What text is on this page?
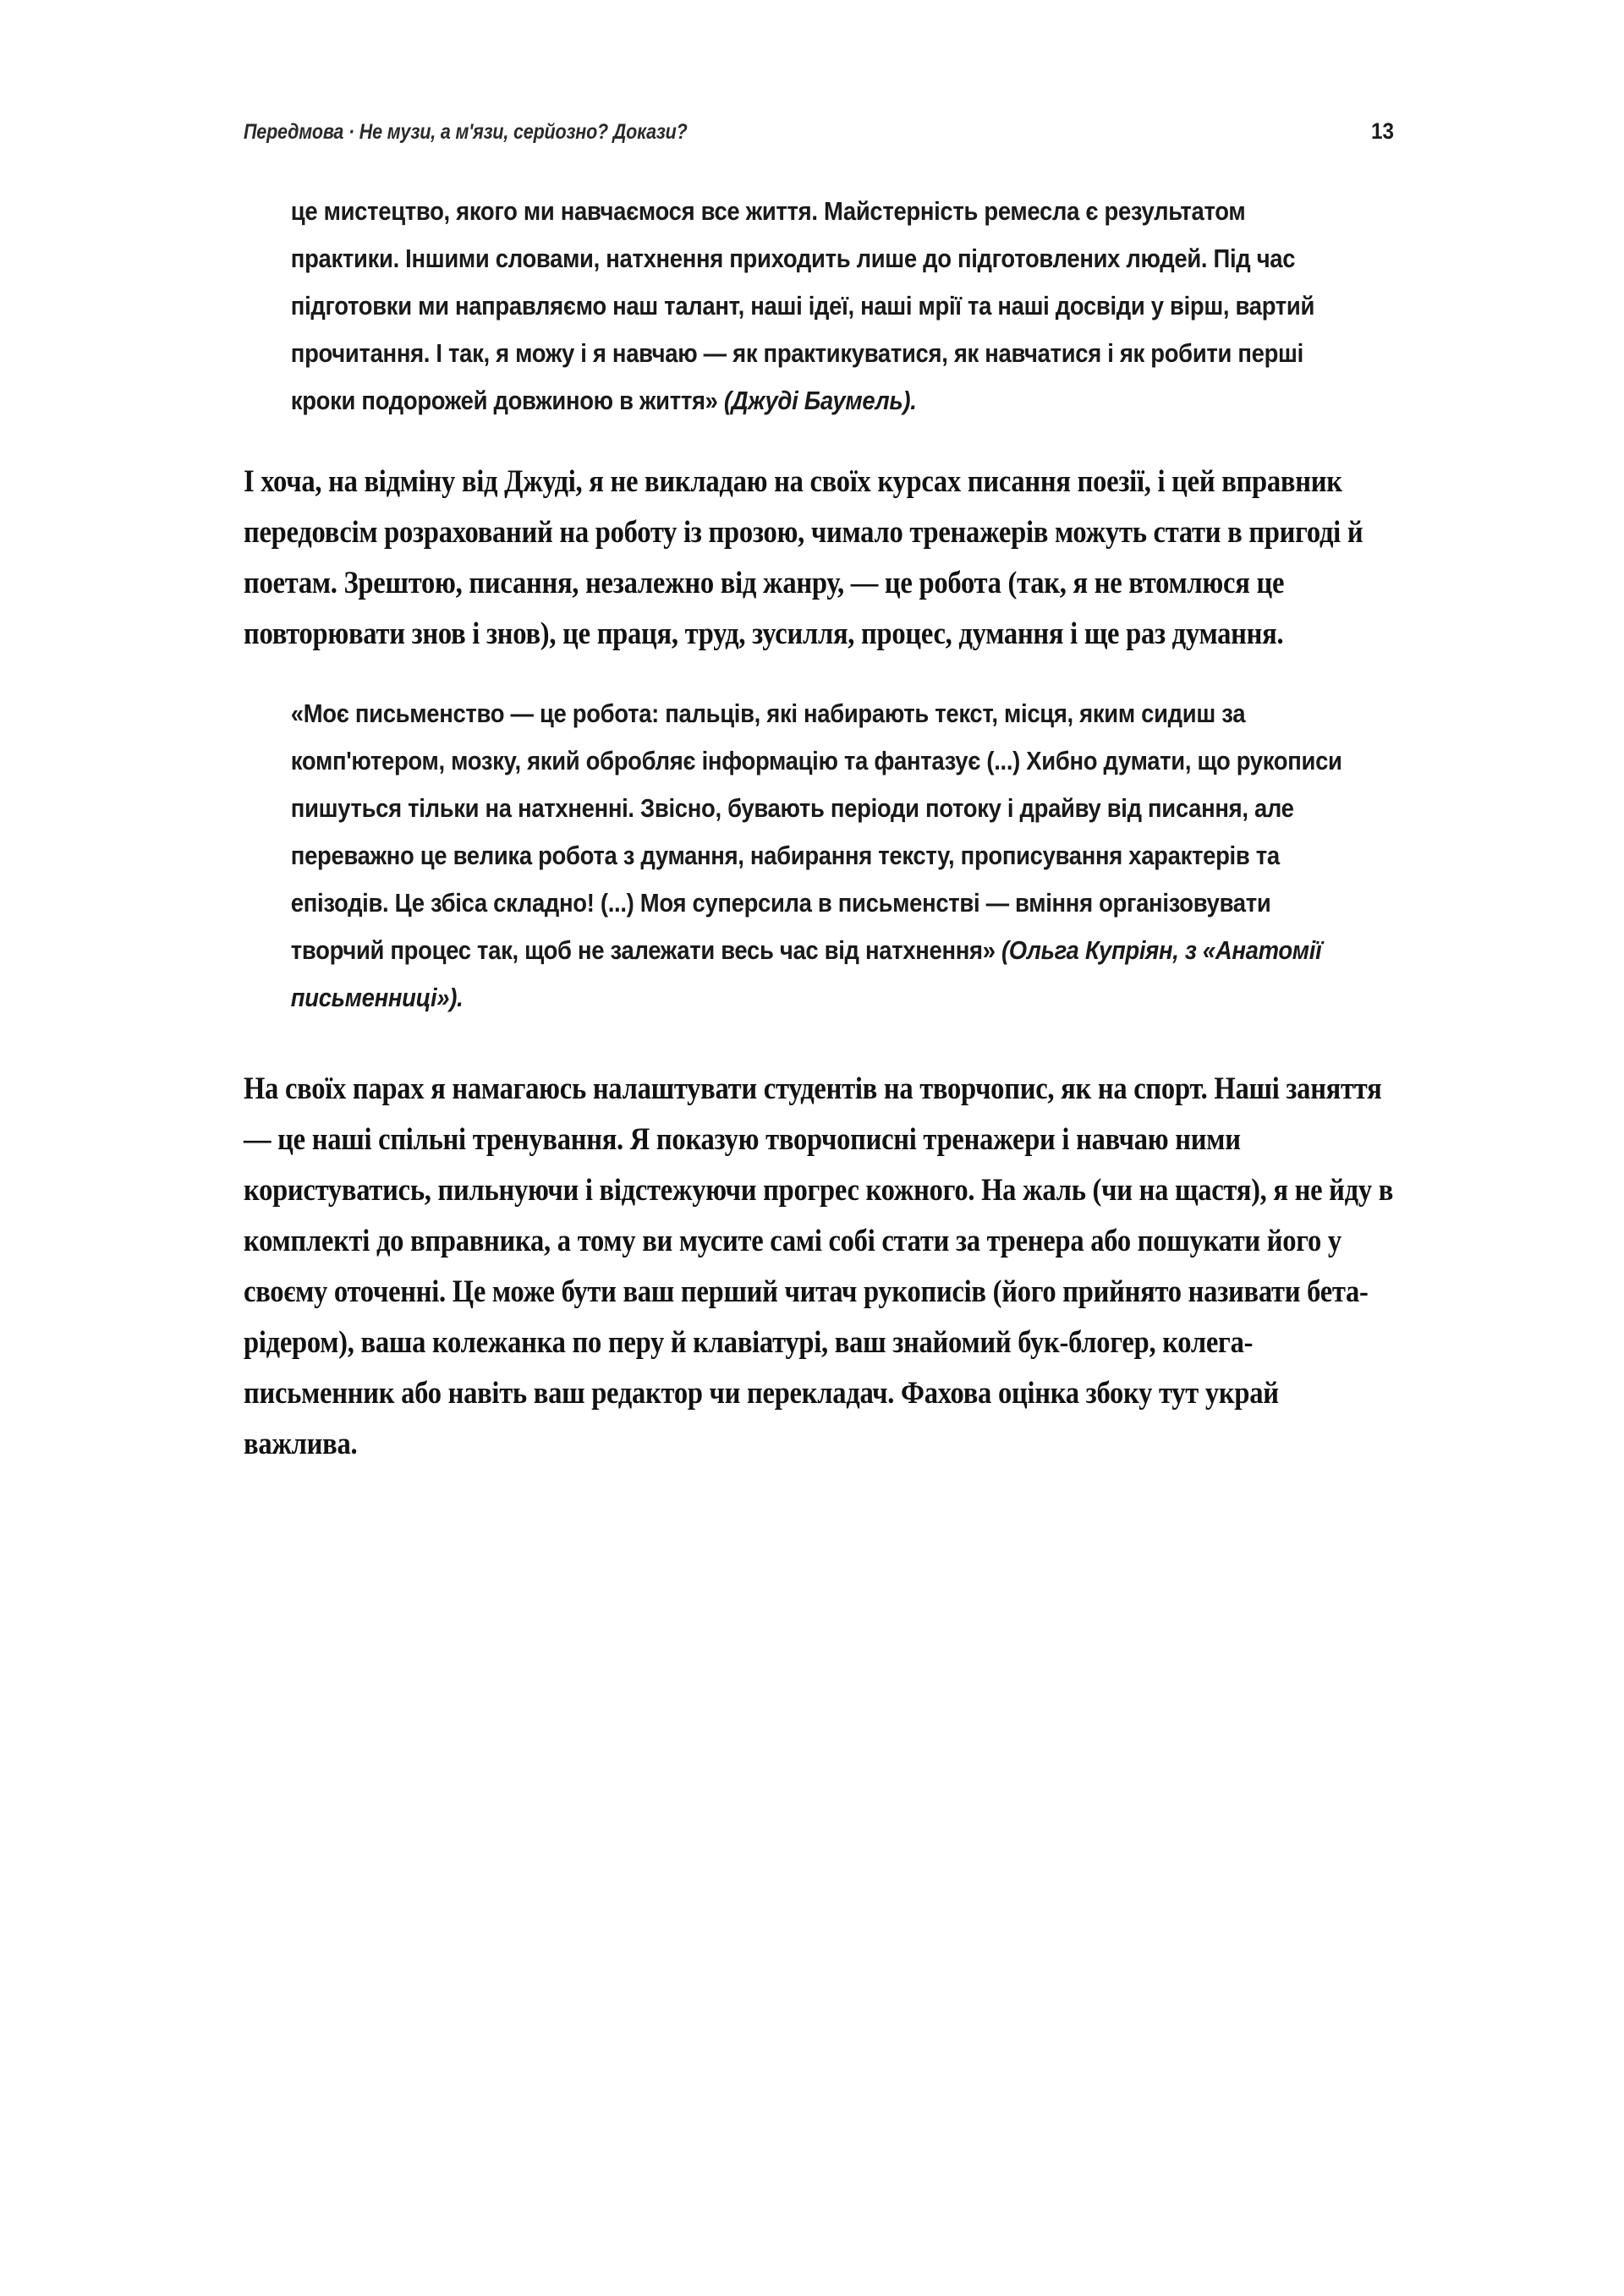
Передмова · Не музи, а м'язи, серйозно? Докази?	13
це мистецтво, якого ми навчаємося все життя. Майстерність ремесла є результатом практики. Іншими словами, натхнення приходить лише до підготовлених людей. Під час підготовки ми направляємо наш талант, наші ідеї, наші мрії та наші досвіди у вірш, вартий прочитання. І так, я можу і я навчаю — як практикуватися, як навчатися і як робити перші кроки подорожей довжиною в життя» (Джуді Баумель).

І хоча, на відміну від Джуді, я не викладаю на своїх курсах писання поезії, і цей вправник передовсім розрахований на роботу із прозою, чимало тренажерів можуть стати в пригоді й поетам. Зрештою, писання, незалежно від жанру, — це робота (так, я не втомлюся це повторювати знов і знов), це праця, труд, зусилля, процес, думання і ще раз думання.

«Моє письменство — це робота: пальців, які набирають текст, місця, яким сидиш за комп'ютером, мозку, який обробляє інформацію та фантазує (...) Хибно думати, що рукописи пишуться тільки на натхненні. Звісно, бувають періоди потоку і драйву від писання, але переважно це велика робота з думання, набирання тексту, прописування характерів та епізодів. Це збіса складно! (...) Моя суперсила в письменстві — вміння організовувати творчий процес так, щоб не залежати весь час від натхнення» (Ольга Купріян, з «Анатомії письменниці»).

На своїх парах я намагаюсь налаштувати студентів на творчопис, як на спорт. Наші заняття — це наші спільні тренування. Я показую творчописні тренажери і навчаю ними користуватись, пильнуючи і відстежуючи прогрес кожного. На жаль (чи на щастя), я не йду в комплекті до вправника, а тому ви мусите самі собі стати за тренера або пошукати його у своєму оточенні. Це може бути ваш перший читач рукописів (його прийнято називати бета-рідером), ваша колежанка по перу й клавіатурі, ваш знайомий бук-блогер, колега-письменник або навіть ваш редактор чи перекладач. Фахова оцінка збоку тут украй важлива.
